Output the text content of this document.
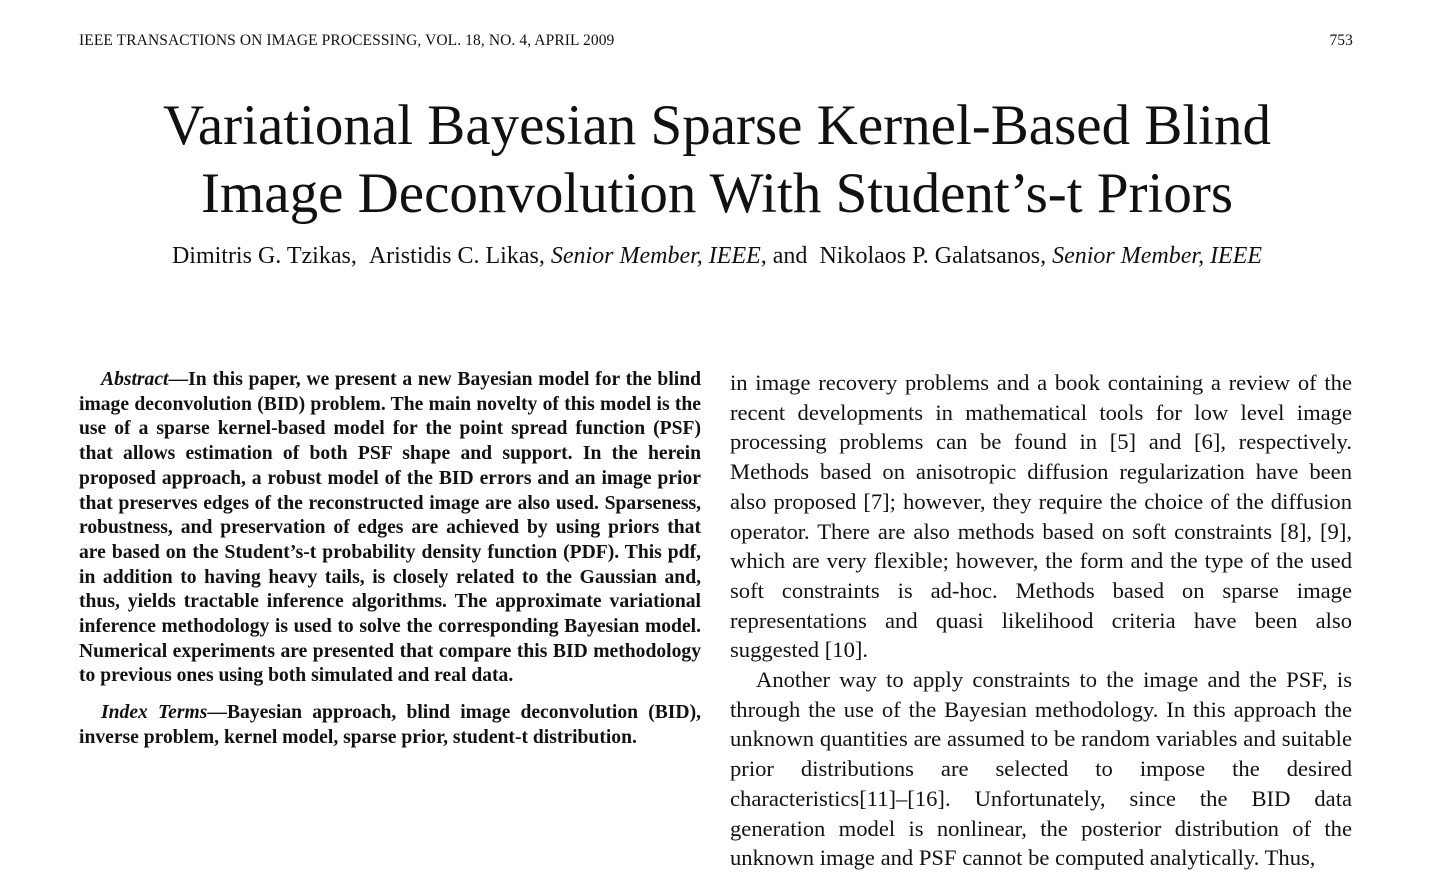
IEEE TRANSACTIONS ON IMAGE PROCESSING, VOL. 18, NO. 4, APRIL 2009	753
Variational Bayesian Sparse Kernel-Based Blind
Image Deconvolution With Student’s-t Priors
Dimitris G. Tzikas, Aristidis C. Likas, Senior Member, IEEE, and Nikolaos P. Galatsanos, Senior Member, IEEE

Abstract—In this paper, we present a new Bayesian model for the blind image deconvolution (BID) problem. The main novelty of this model is the use of a sparse kernel-based model for the point spread function (PSF) that allows estimation of both PSF shape and support. In the herein proposed approach, a robust model of the BID errors and an image prior that preserves edges of the reconstructed image are also used. Sparseness, robustness, and preservation of edges are achieved by using priors that are based on the Student’s-t probability density function (PDF). This pdf, in addition to having heavy tails, is closely related to the Gaussian and, thus, yields tractable inference algorithms. The approximate variational inference methodology is used to solve the corresponding Bayesian model. Numerical experiments are presented that compare this BID methodology to previous ones using both simulated and real data.

Index Terms—Bayesian approach, blind image deconvolution (BID), inverse problem, kernel model, sparse prior, student-t distribution.

in image recovery problems and a book containing a review of the recent developments in mathematical tools for low level image processing problems can be found in [5] and [6], respectively. Methods based on anisotropic diffusion regularization have been also proposed [7]; however, they require the choice of the diffusion operator. There are also methods based on soft constraints [8], [9], which are very flexible; however, the form and the type of the used soft constraints is ad-hoc. Methods based on sparse image representations and quasi likelihood criteria have been also suggested [10].

Another way to apply constraints to the image and the PSF, is through the use of the Bayesian methodology. In this approach the unknown quantities are assumed to be random variables and suitable prior distributions are selected to impose the desired characteristics[11]–[16]. Unfortunately, since the BID data generation model is nonlinear, the posterior distribution of the unknown image and PSF cannot be computed analytically. Thus,
